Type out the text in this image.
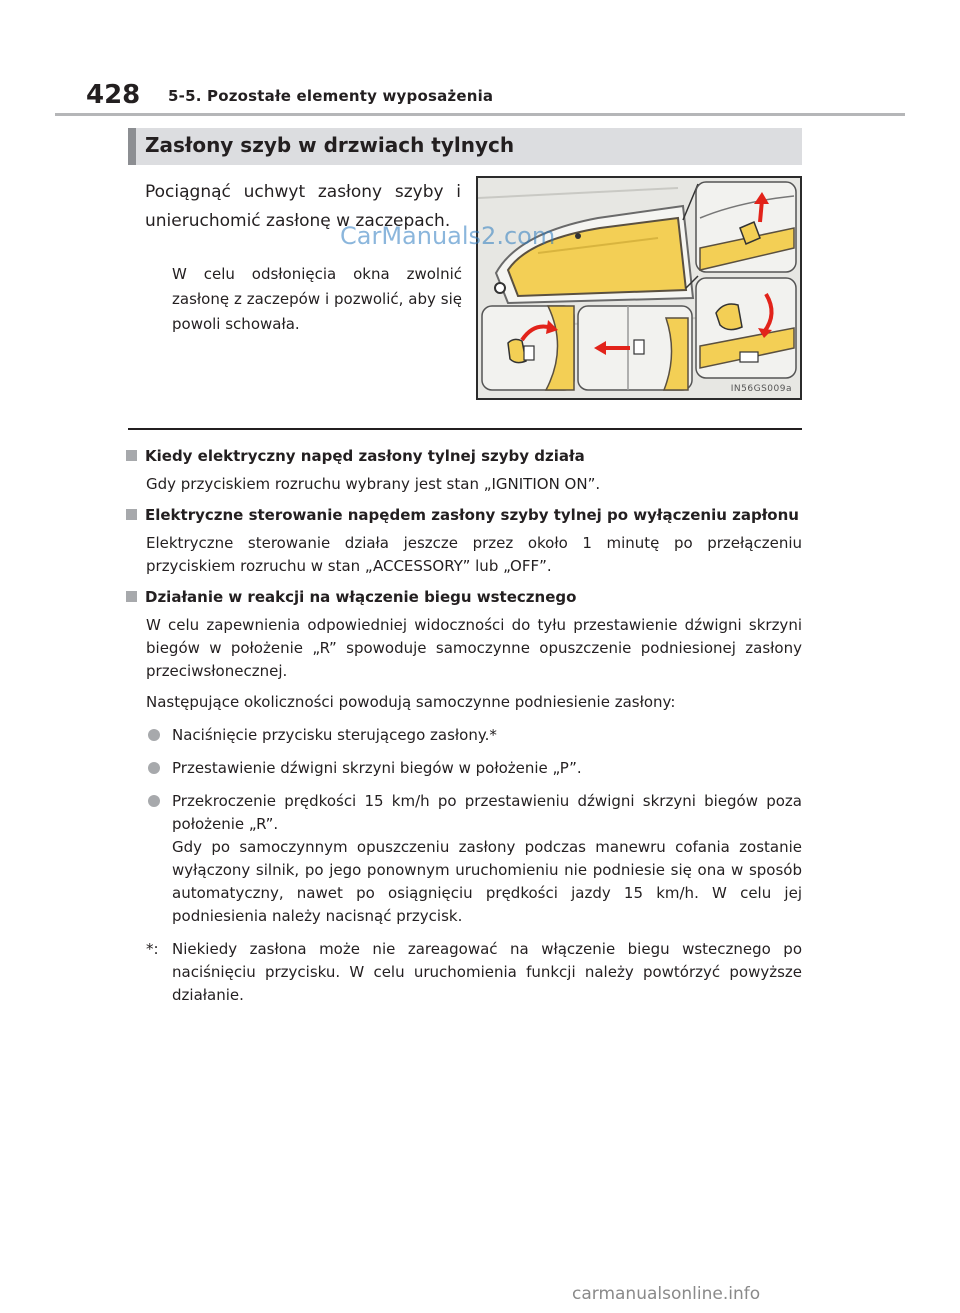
428 5-5. Pozostałe elementy wyposażenia
Zasłony szyb w drzwiach tylnych
Pociągnąć uchwyt zasłony szyby i unieruchomić zasłonę w zaczepach.
W celu odsłonięcia okna zwolnić zasłonę z zaczepów i pozwolić, aby się powoli schowała.
IN56GS009a
CarManuals2.com
Kiedy elektryczny napęd zasłony tylnej szyby działa
Gdy przyciskiem rozruchu wybrany jest stan „IGNITION ON”.
Elektryczne sterowanie napędem zasłony szyby tylnej po wyłączeniu zapłonu
Elektryczne sterowanie działa jeszcze przez około 1 minutę po przełączeniu przyciskiem rozruchu w stan „ACCESSORY” lub „OFF”.
Działanie w reakcji na włączenie biegu wstecznego
W celu zapewnienia odpowiedniej widoczności do tyłu przestawienie dźwigni skrzyni biegów w położenie „R” spowoduje samoczynne opuszczenie podniesionej zasłony przeciwsłonecznej.
Następujące okoliczności powodują samoczynne podniesienie zasłony:
Naciśnięcie przycisku sterującego zasłony.*
Przestawienie dźwigni skrzyni biegów w położenie „P”.
Przekroczenie prędkości 15 km/h po przestawieniu dźwigni skrzyni biegów poza położenie „R”.
Gdy po samoczynnym opuszczeniu zasłony podczas manewru cofania zostanie wyłączony silnik, po jego ponownym uruchomieniu nie podniesie się ona w sposób automatyczny, nawet po osiągnięciu prędkości jazdy 15 km/h. W celu jej podniesienia należy nacisnąć przycisk.
*: Niekiedy zasłona może nie zareagować na włączenie biegu wstecznego po naciśnięciu przycisku. W celu uruchomienia funkcji należy powtórzyć powyższe działanie.
carmanualsonline.info
